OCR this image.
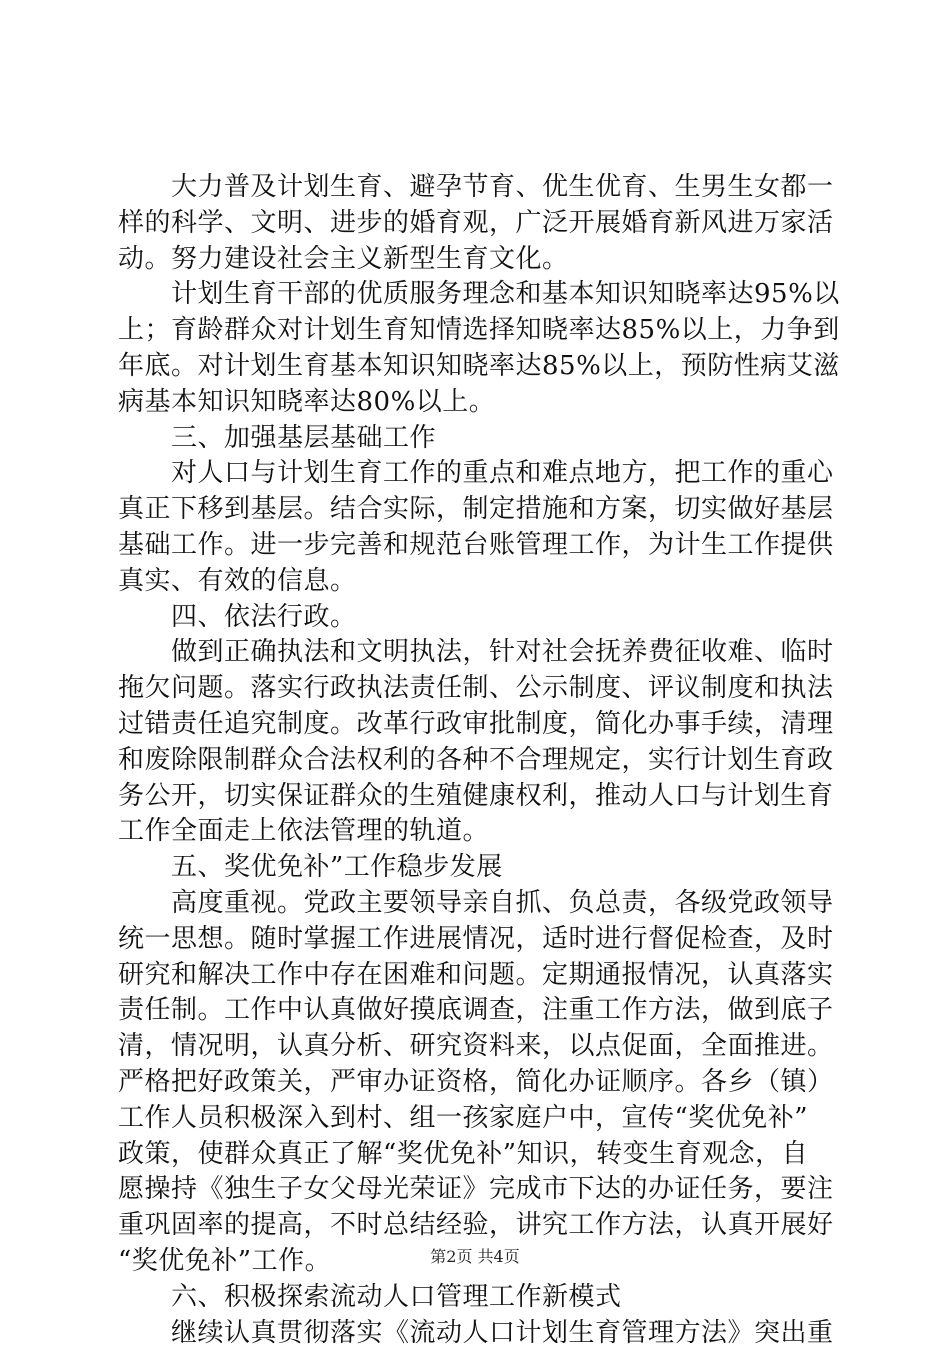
　　大力普及计划生育、避孕节育、优生优育、生男生女都一
样的科学、文明、进步的婚育观，广泛开展婚育新风进万家活
动。努力建设社会主义新型生育文化。
　　计划生育干部的优质服务理念和基本知识知晓率达95%以
上；育龄群众对计划生育知情选择知晓率达85%以上，力争到
年底。对计划生育基本知识知晓率达85%以上，预防性病艾滋
病基本知识知晓率达80%以上。
　　三、加强基层基础工作
　　对人口与计划生育工作的重点和难点地方，把工作的重心
真正下移到基层。结合实际，制定措施和方案，切实做好基层
基础工作。进一步完善和规范台账管理工作，为计生工作提供
真实、有效的信息。
　　四、依法行政。
　　做到正确执法和文明执法，针对社会抚养费征收难、临时
拖欠问题。落实行政执法责任制、公示制度、评议制度和执法
过错责任追究制度。改革行政审批制度，简化办事手续，清理
和废除限制群众合法权利的各种不合理规定，实行计划生育政
务公开，切实保证群众的生殖健康权利，推动人口与计划生育
工作全面走上依法管理的轨道。
　　五、奖优免补”工作稳步发展
　　高度重视。党政主要领导亲自抓、负总责，各级党政领导
统一思想。随时掌握工作进展情况，适时进行督促检查，及时
研究和解决工作中存在困难和问题。定期通报情况，认真落实
责任制。工作中认真做好摸底调查，注重工作方法，做到底子
清，情况明，认真分析、研究资料来，以点促面，全面推进。
严格把好政策关，严审办证资格，简化办证顺序。各乡（镇）
工作人员积极深入到村、组一孩家庭户中，宣传“奖优免补”
政策，使群众真正了解“奖优免补”知识，转变生育观念，自
愿操持《独生子女父母光荣证》完成市下达的办证任务，要注
重巩固率的提高，不时总结经验，讲究工作方法，认真开展好
“奖优免补”工作。
　　六、积极探索流动人口管理工作新模式
　　继续认真贯彻落实《流动人口计划生育管理方法》突出重
第2页 共4页
